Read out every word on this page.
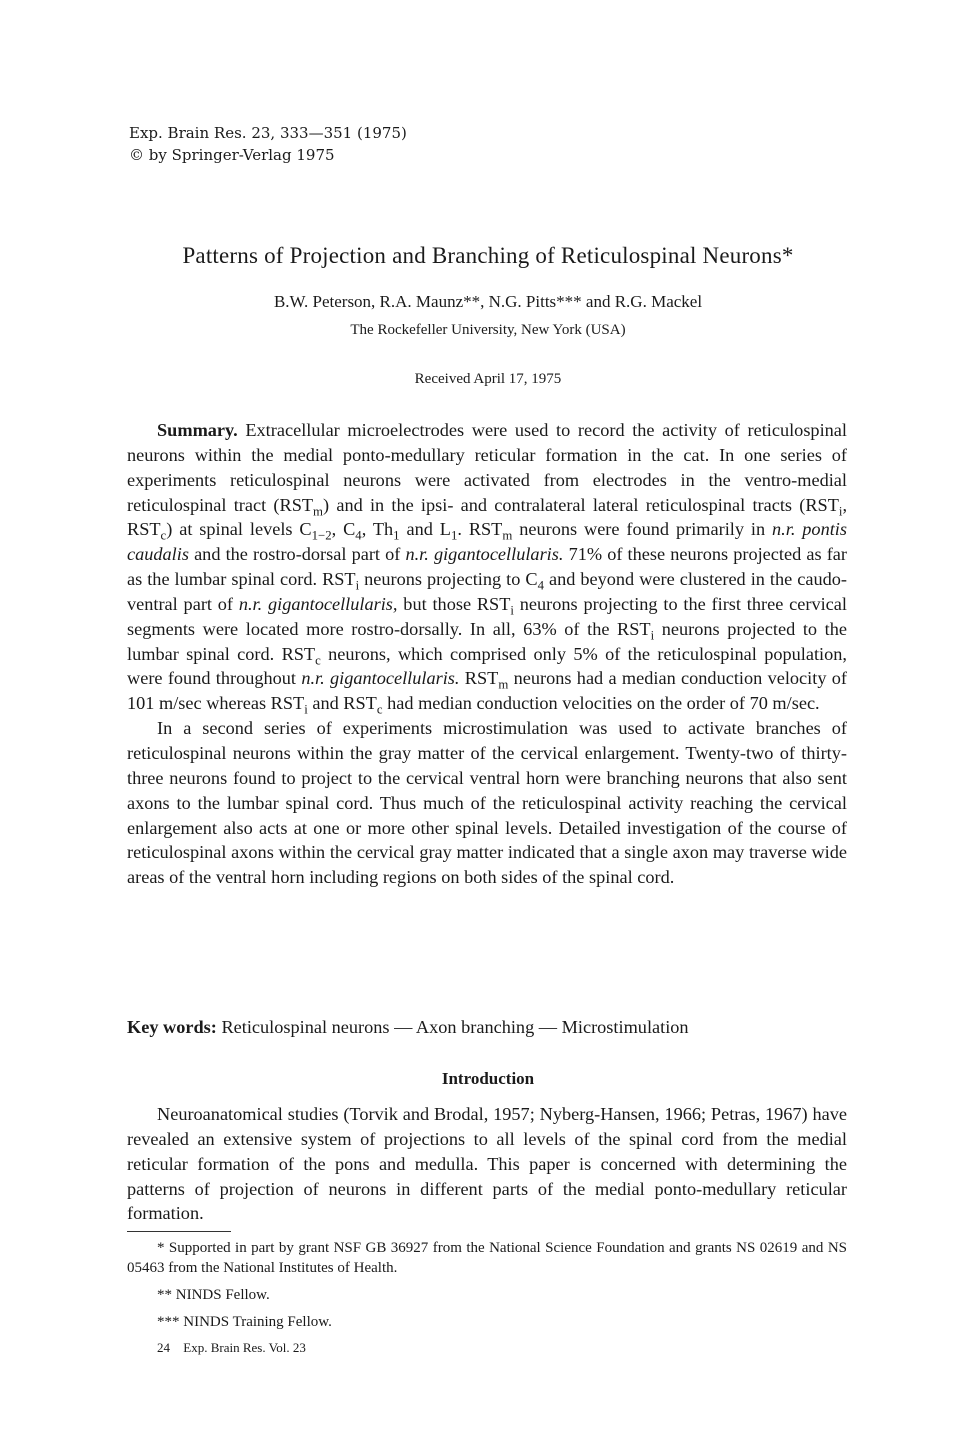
Exp. Brain Res. 23, 333—351 (1975)
© by Springer-Verlag 1975
Patterns of Projection and Branching of Reticulospinal Neurons*
B.W. Peterson, R.A. Maunz**, N.G. Pitts*** and R.G. Mackel
The Rockefeller University, New York (USA)
Received April 17, 1975

Summary. Extracellular microelectrodes were used to record the activity of reticulospinal neurons within the medial ponto-medullary reticular formation in the cat. In one series of experiments reticulospinal neurons were activated from electrodes in the ventro-medial reticulospinal tract $(RST_m)$ and in the ipsi- and contralateral lateral reticulospinal tracts ($RST_i$, $RST_c$) at spinal levels $C_{1-2}$, $C_4$, $Th_1$ and $L_1$. $RST_m$ neurons were found primarily in n.r. pontis caudalis and the rostro-dorsal part of n.r. gigantocellularis. 71% of these neurons projected as far as the lumbar spinal cord. $RST_i$ neurons projecting to $C_4$ and beyond were clustered in the caudo-ventral part of n.r. gigantocellularis, but those $RST_i$ neurons projecting to the first three cervical segments were located more rostro-dorsally. In all, 63% of the $RST_i$ neurons projected to the lumbar spinal cord. $RST_c$ neurons, which comprised only 5% of the reticulospinal population, were found throughout n.r. gigantocellularis. $RST_m$ neurons had a median conduction velocity of 101 m/sec whereas $RST_i$ and $RST_c$ had median conduction velocities on the order of 70 m/sec.

In a second series of experiments microstimulation was used to activate branches of reticulospinal neurons within the gray matter of the cervical enlargement. Twenty-two of thirty-three neurons found to project to the cervical ventral horn were branching neurons that also sent axons to the lumbar spinal cord. Thus much of the reticulospinal activity reaching the cervical enlargement also acts at one or more other spinal levels. Detailed investigation of the course of reticulospinal axons within the cervical gray matter indicated that a single axon may traverse wide areas of the ventral horn including regions on both sides of the spinal cord.

Key words: Reticulospinal neurons — Axon branching — Microstimulation
Introduction

Neuroanatomical studies (Torvik and Brodal, 1957; Nyberg-Hansen, 1966; Petras, 1967) have revealed an extensive system of projections to all levels of the spinal cord from the medial reticular formation of the pons and medulla. This paper is concerned with determining the patterns of projection of neurons in different parts of the medial ponto-medullary reticular formation.

* Supported in part by grant NSF GB 36927 from the National Science Foundation and grants NS 02619 and NS 05463 from the National Institutes of Health.

** NINDS Fellow.

*** NINDS Training Fellow.

24 Exp. Brain Res. Vol. 23
